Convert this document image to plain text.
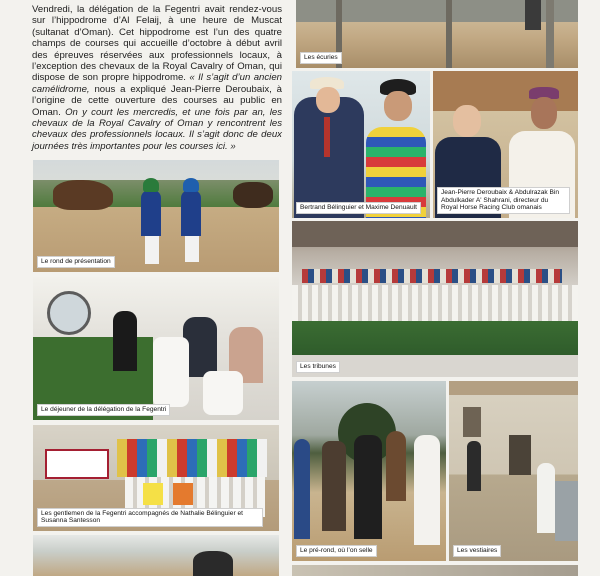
Vendredi, la délégation de la Fegentri avait rendez-vous sur l’hippodrome d’Al Felaij, à une heure de Muscat (sultanat d’Oman). Cet hippodrome est l’un des quatre champs de courses qui accueille d’octobre à début avril des épreuves réservées aux professionnels locaux, à l’exception des chevaux de la Royal Cavalry of Oman, qui dispose de son propre hippodrome. « Il s’agit d’un ancien camélidrome, nous a expliqué Jean-Pierre Deroubaix, à l’origine de cette ouverture des courses au public en Oman. On y court les mercredis, et une fois par an, les chevaux de la Royal Cavalry of Oman y rencontrent les chevaux des professionnels locaux. Il s’agit donc de deux journées très importantes pour les courses ici. »

Les écuries
Bertrand Bélinguier et Maxime Denuault
Jean-Pierre Deroubaix & Abdulrazak Bin Abdulkader A' Shahrani, directeur du Royal Horse Racing Club omanais
Le rond de présentation
Les tribunes
Le déjeuner de la délégation de la Fegentri
Le pré-rond, où l’on selle	Les vestiaires
Les gentlemen de la Fegentri accompagnés de Nathalie Bélinguier et Susanna Santesson
